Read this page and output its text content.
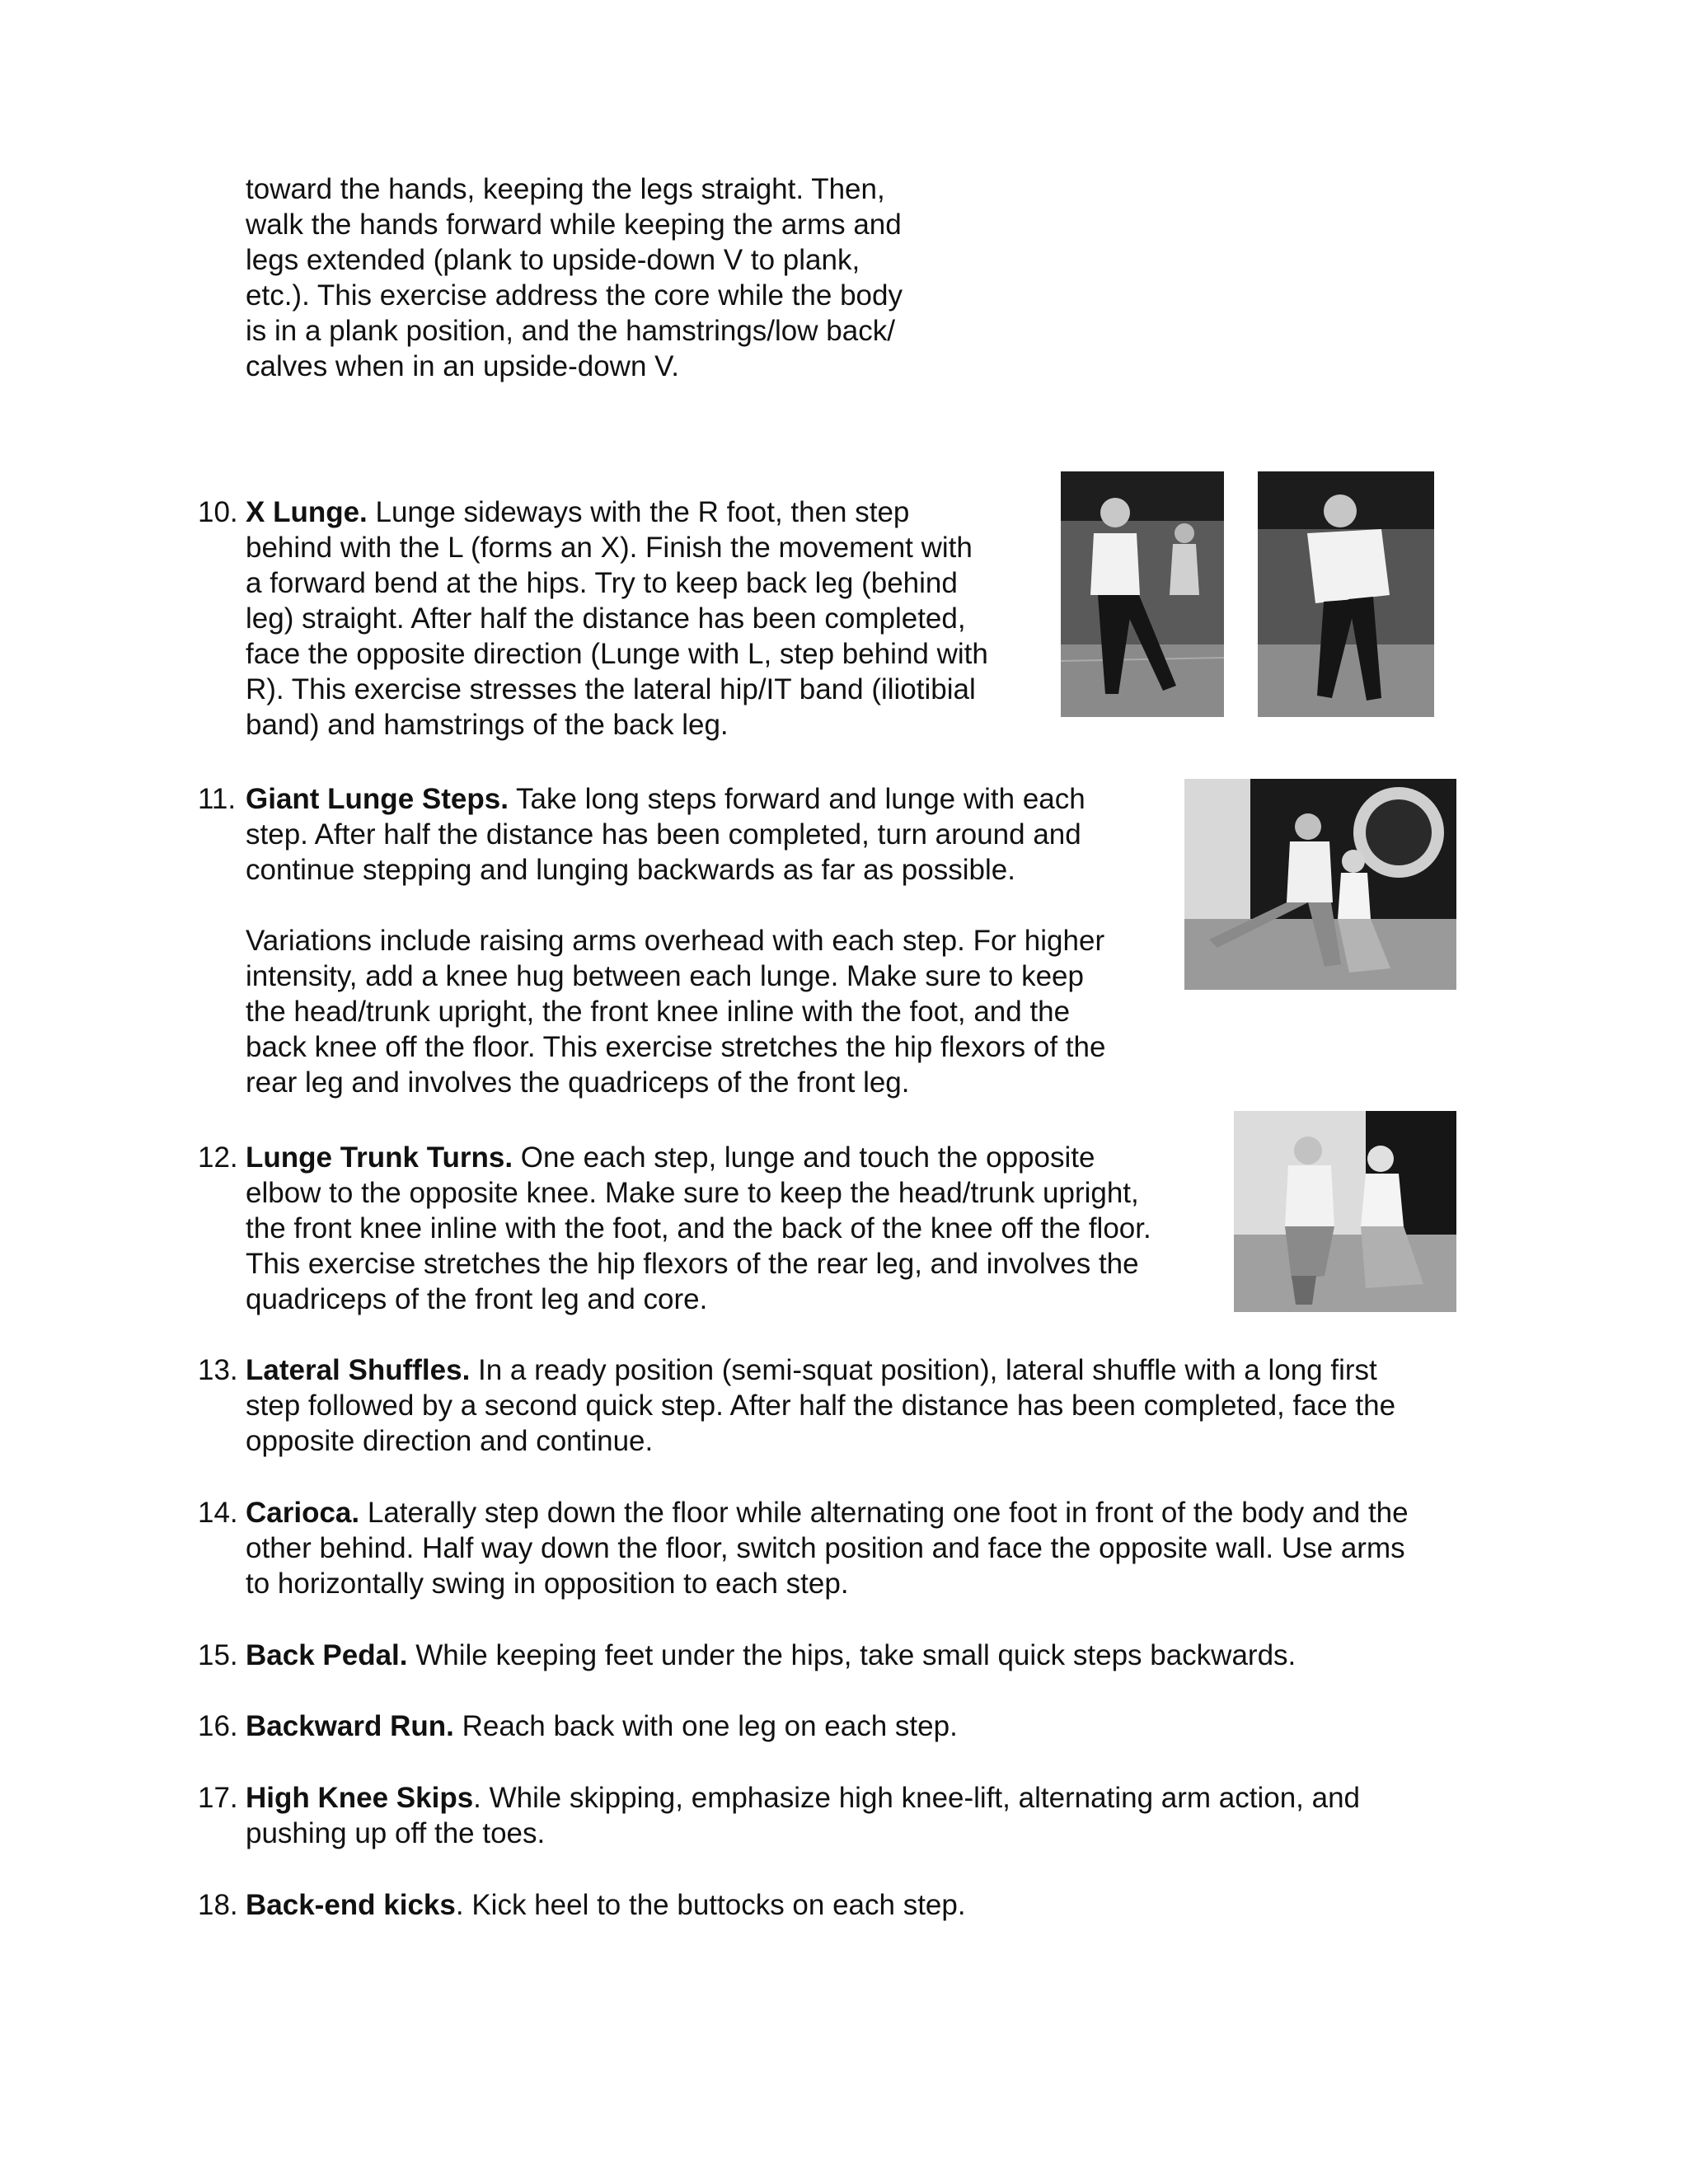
toward the hands, keeping the legs straight. Then,
walk the hands forward while keeping the arms and
legs extended (plank to upside-down V to plank,
etc.). This exercise address the core while the body
is in a plank position, and the hamstrings/low back/
calves when in an upside-down V.
10. X Lunge. Lunge sideways with the R foot, then step
behind with the L (forms an X). Finish the movement with
a forward bend at the hips. Try to keep back leg (behind
leg) straight. After half the distance has been completed,
face the opposite direction (Lunge with L, step behind with
R). This exercise stresses the lateral hip/IT band (iliotibial
band) and hamstrings of the back leg.
11. Giant Lunge Steps. Take long steps forward and lunge with each
step. After half the distance has been completed, turn around and
continue stepping and lunging backwards as far as possible.
Variations include raising arms overhead with each step. For higher
intensity, add a knee hug between each lunge. Make sure to keep
the head/trunk upright, the front knee inline with the foot, and the
back knee off the floor. This exercise stretches the hip flexors of the
rear leg and involves the quadriceps of the front leg.
12. Lunge Trunk Turns. One each step, lunge and touch the opposite
elbow to the opposite knee. Make sure to keep the head/trunk upright,
the front knee inline with the foot, and the back of the knee off the floor.
This exercise stretches the hip flexors of the rear leg, and involves the
quadriceps of the front leg and core.
13. Lateral Shuffles. In a ready position (semi-squat position), lateral shuffle with a long first
step followed by a second quick step. After half the distance has been completed, face the
opposite direction and continue.
14. Carioca. Laterally step down the floor while alternating one foot in front of the body and the
other behind. Half way down the floor, switch position and face the opposite wall. Use arms
to horizontally swing in opposition to each step.
15. Back Pedal. While keeping feet under the hips, take small quick steps backwards.
16. Backward Run. Reach back with one leg on each step.
17. High Knee Skips. While skipping, emphasize high knee-lift, alternating arm action, and
pushing up off the toes.
18. Back-end kicks. Kick heel to the buttocks on each step.
